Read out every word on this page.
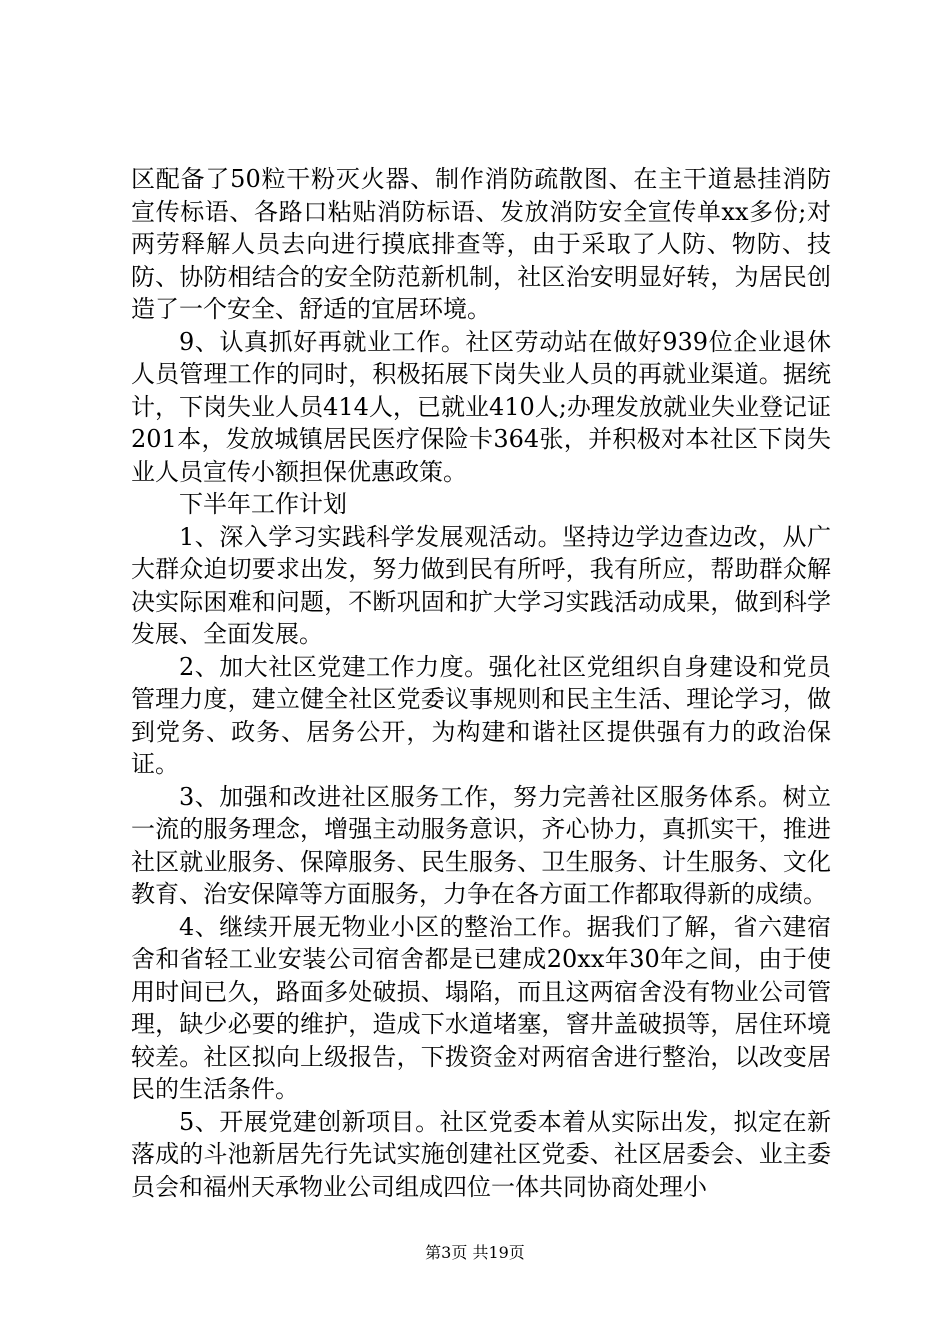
区配备了50粒干粉灭火器、制作消防疏散图、在主干道悬挂消防宣传标语、各路口粘贴消防标语、发放消防安全宣传单xx多份;对两劳释解人员去向进行摸底排查等，由于采取了人防、物防、技防、协防相结合的安全防范新机制，社区治安明显好转，为居民创造了一个安全、舒适的宜居环境。

9、认真抓好再就业工作。社区劳动站在做好939位企业退休人员管理工作的同时，积极拓展下岗失业人员的再就业渠道。据统计，下岗失业人员414人，已就业410人;办理发放就业失业登记证201本，发放城镇居民医疗保险卡364张，并积极对本社区下岗失业人员宣传小额担保优惠政策。

下半年工作计划

1、深入学习实践科学发展观活动。坚持边学边查边改，从广大群众迫切要求出发，努力做到民有所呼，我有所应，帮助群众解决实际困难和问题，不断巩固和扩大学习实践活动成果，做到科学发展、全面发展。

2、加大社区党建工作力度。强化社区党组织自身建设和党员管理力度，建立健全社区党委议事规则和民主生活、理论学习，做到党务、政务、居务公开，为构建和谐社区提供强有力的政治保证。

3、加强和改进社区服务工作，努力完善社区服务体系。树立一流的服务理念，增强主动服务意识，齐心协力，真抓实干，推进社区就业服务、保障服务、民生服务、卫生服务、计生服务、文化教育、治安保障等方面服务，力争在各方面工作都取得新的成绩。

4、继续开展无物业小区的整治工作。据我们了解，省六建宿舍和省轻工业安装公司宿舍都是已建成20xx年30年之间，由于使用时间已久，路面多处破损、塌陷，而且这两宿舍没有物业公司管理，缺少必要的维护，造成下水道堵塞，窨井盖破损等，居住环境较差。社区拟向上级报告，下拨资金对两宿舍进行整治，以改变居民的生活条件。

5、开展党建创新项目。社区党委本着从实际出发，拟定在新落成的斗池新居先行先试实施创建社区党委、社区居委会、业主委员会和福州天承物业公司组成四位一体共同协商处理小

第3页 共19页
